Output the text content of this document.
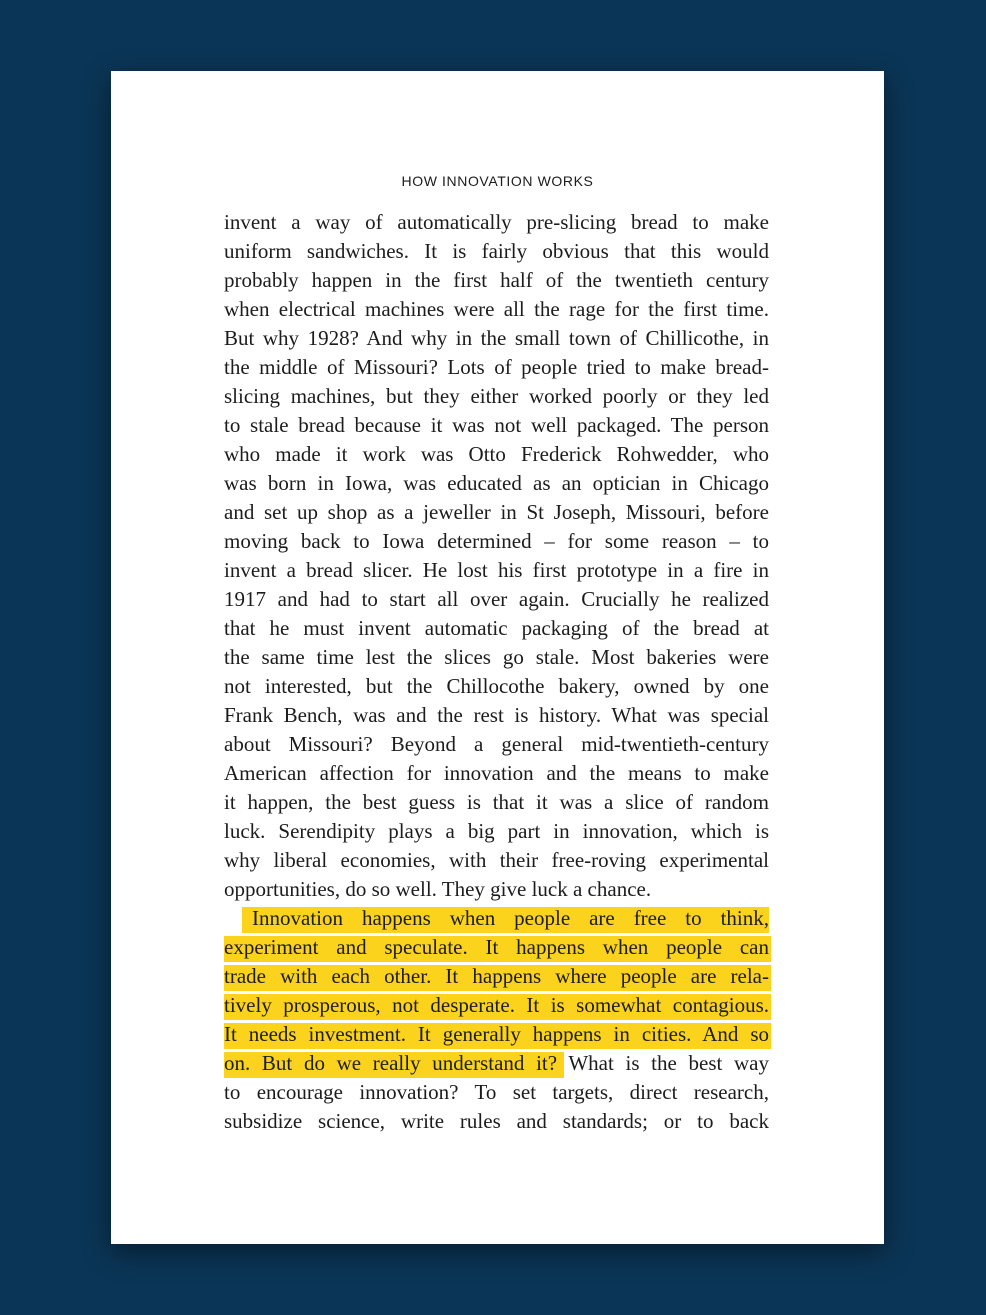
HOW INNOVATION WORKS
invent a way of automatically pre-slicing bread to make
uniform sandwiches. It is fairly obvious that this would
probably happen in the first half of the twentieth century
when electrical machines were all the rage for the first time.
But why 1928? And why in the small town of Chillicothe, in
the middle of Missouri? Lots of people tried to make bread-
slicing machines, but they either worked poorly or they led
to stale bread because it was not well packaged. The person
who made it work was Otto Frederick Rohwedder, who
was born in Iowa, was educated as an optician in Chicago
and set up shop as a jeweller in St Joseph, Missouri, before
moving back to Iowa determined – for some reason – to
invent a bread slicer. He lost his first prototype in a fire in
1917 and had to start all over again. Crucially he realized
that he must invent automatic packaging of the bread at
the same time lest the slices go stale. Most bakeries were
not interested, but the Chillocothe bakery, owned by one
Frank Bench, was and the rest is history. What was special
about Missouri? Beyond a general mid-twentieth-century
American affection for innovation and the means to make
it happen, the best guess is that it was a slice of random
luck. Serendipity plays a big part in innovation, which is
why liberal economies, with their free-roving experimental
opportunities, do so well. They give luck a chance.
Innovation happens when people are free to think,
experiment and speculate. It happens when people can
trade with each other. It happens where people are rela-
tively prosperous, not desperate. It is somewhat contagious.
It needs investment. It generally happens in cities. And so
on. But do we really understand it? What is the best way
to encourage innovation? To set targets, direct research,
subsidize science, write rules and standards; or to back
